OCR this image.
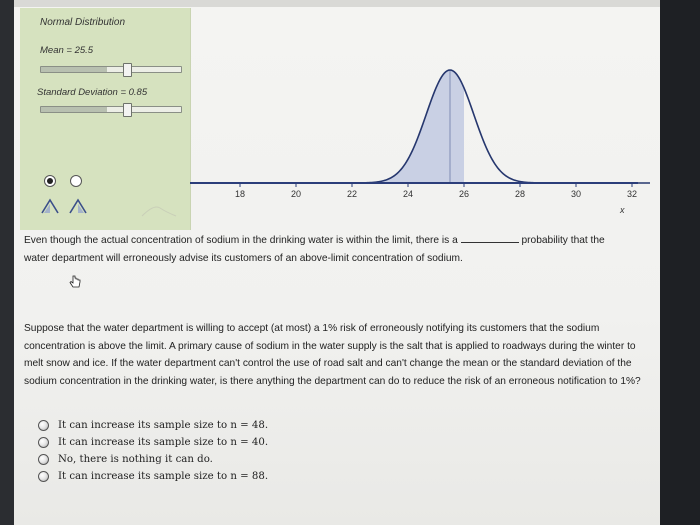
Normal Distribution
Mean = 25.5
Standard Deviation = 0.85
18	20	22	24	26	28	30	32
x
Even though the actual concentration of sodium in the drinking water is within the limit, there is a	probability that the water department will erroneously advise its customers of an above-limit concentration of sodium.
Suppose that the water department is willing to accept (at most) a 1% risk of erroneously notifying its customers that the sodium concentration is above the limit. A primary cause of sodium in the water supply is the salt that is applied to roadways during the winter to melt snow and ice. If the water department can't control the use of road salt and can't change the mean or the standard deviation of the sodium concentration in the drinking water, is there anything the department can do to reduce the risk of an erroneous notification to 1%?
It can increase its sample size to n = 48.
It can increase its sample size to n = 40.
No, there is nothing it can do.
It can increase its sample size to n = 88.
